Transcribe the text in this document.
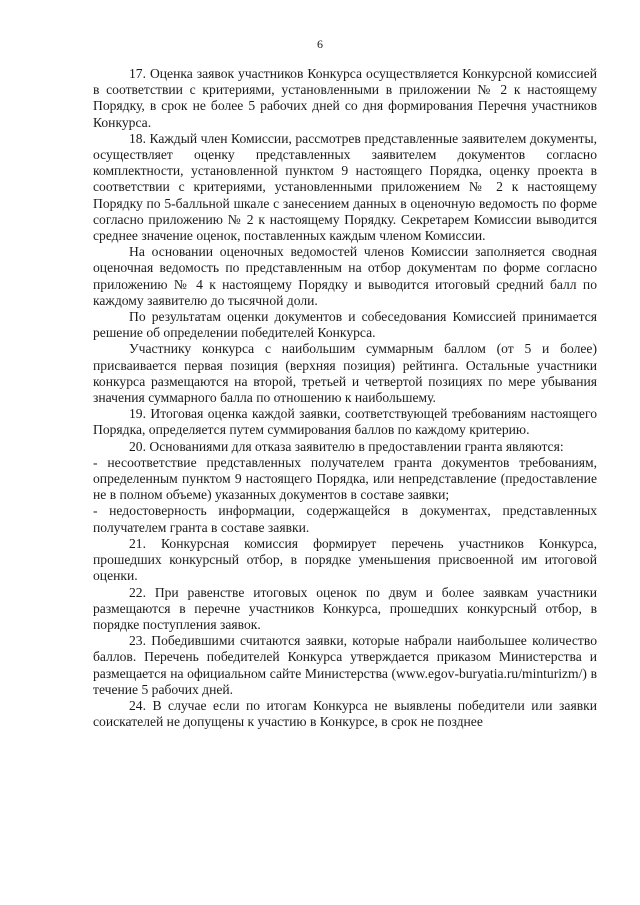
6

17. Оценка заявок участников Конкурса осуществляется Конкурсной комиссией в соответствии с критериями, установленными в приложении № 2 к настоящему Порядку, в срок не более 5 рабочих дней со дня формирования Перечня участников Конкурса.

18. Каждый член Комиссии, рассмотрев представленные заявителем документы, осуществляет оценку представленных заявителем документов согласно комплектности, установленной пунктом 9 настоящего Порядка, оценку проекта в соответствии с критериями, установленными приложением № 2 к настоящему Порядку по 5-балльной шкале с занесением данных в оценочную ведомость по форме согласно приложению № 2 к настоящему Порядку. Секретарем Комиссии выводится среднее значение оценок, поставленных каждым членом Комиссии.

На основании оценочных ведомостей членов Комиссии заполняется сводная оценочная ведомость по представленным на отбор документам по форме согласно приложению № 4 к настоящему Порядку и выводится итоговый средний балл по каждому заявителю до тысячной доли.

По результатам оценки документов и собеседования Комиссией принимается решение об определении победителей Конкурса.

Участнику конкурса с наибольшим суммарным баллом (от 5 и более) присваивается первая позиция (верхняя позиция) рейтинга. Остальные участники конкурса размещаются на второй, третьей и четвертой позициях по мере убывания значения суммарного балла по отношению к наибольшему.

19. Итоговая оценка каждой заявки, соответствующей требованиям настоящего Порядка, определяется путем суммирования баллов по каждому критерию.

20. Основаниями для отказа заявителю в предоставлении гранта являются:

- несоответствие представленных получателем гранта документов требованиям, определенным пунктом 9 настоящего Порядка, или непредставление (предоставление не в полном объеме) указанных документов в составе заявки;

- недостоверность информации, содержащейся в документах, представленных получателем гранта в составе заявки.

21. Конкурсная комиссия формирует перечень участников Конкурса, прошедших конкурсный отбор, в порядке уменьшения присвоенной им итоговой оценки.

22. При равенстве итоговых оценок по двум и более заявкам участники размещаются в перечне участников Конкурса, прошедших конкурсный отбор, в порядке поступления заявок.

23. Победившими считаются заявки, которые набрали наибольшее количество баллов. Перечень победителей Конкурса утверждается приказом Министерства и размещается на официальном сайте Министерства (www.egov-buryatia.ru/minturizm/) в течение 5 рабочих дней.

24. В случае если по итогам Конкурса не выявлены победители или заявки соискателей не допущены к участию в Конкурсе, в срок не позднее
